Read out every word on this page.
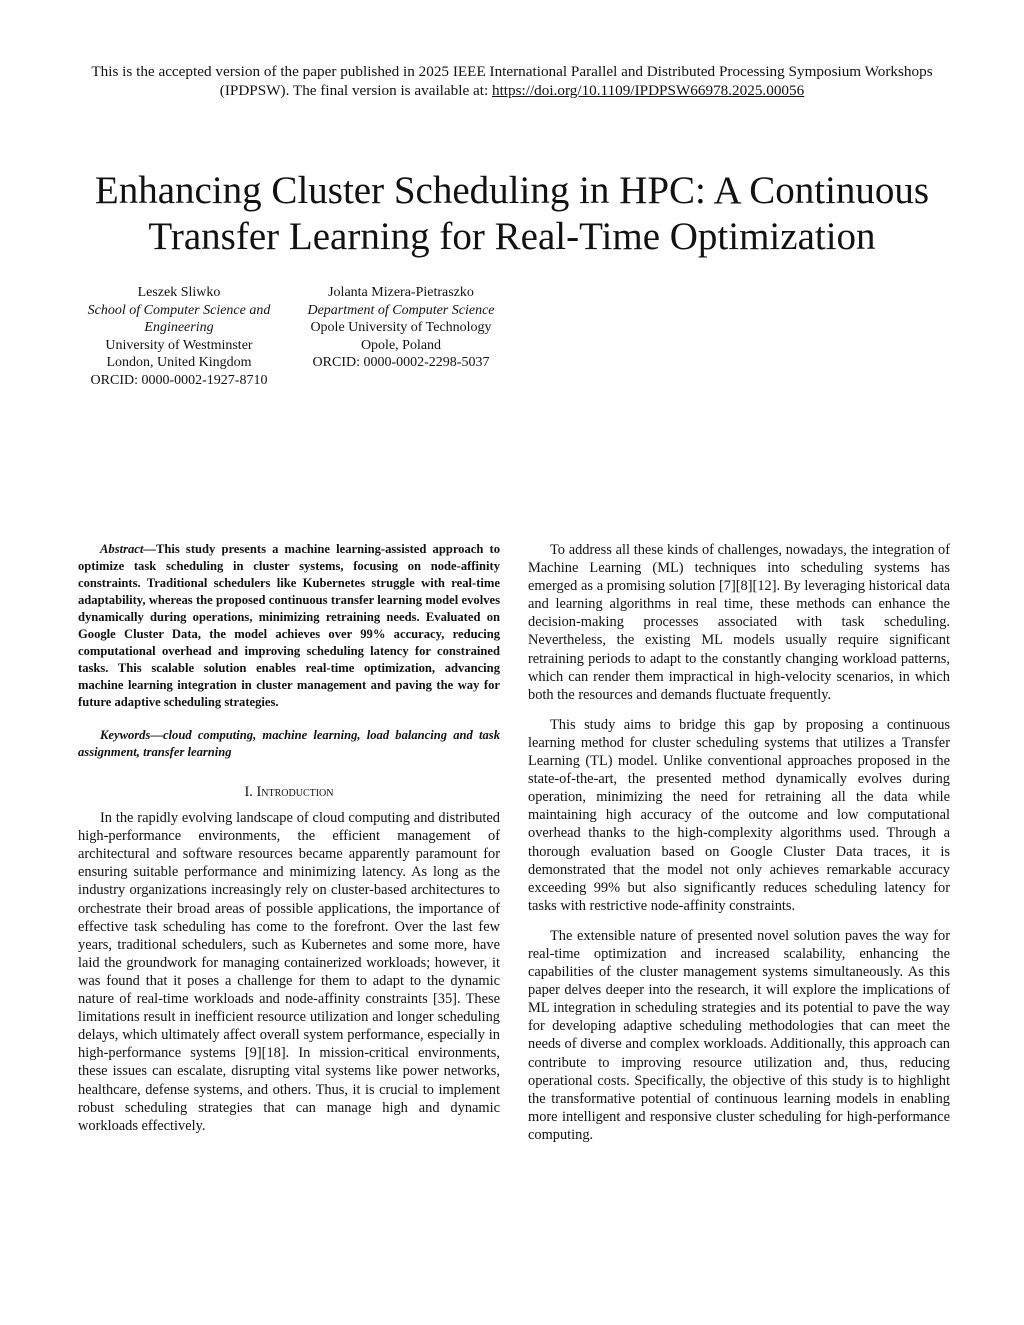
This is the accepted version of the paper published in 2025 IEEE International Parallel and Distributed Processing Symposium Workshops (IPDPSW). The final version is available at: https://doi.org/10.1109/IPDPSW66978.2025.00056
Enhancing Cluster Scheduling in HPC: A Continuous Transfer Learning for Real-Time Optimization
Leszek Sliwko
School of Computer Science and Engineering
University of Westminster
London, United Kingdom
ORCID: 0000-0002-1927-8710
Jolanta Mizera-Pietraszko
Department of Computer Science
Opole University of Technology
Opole, Poland
ORCID: 0000-0002-2298-5037

Abstract—This study presents a machine learning-assisted approach to optimize task scheduling in cluster systems, focusing on node-affinity constraints. Traditional schedulers like Kubernetes struggle with real-time adaptability, whereas the proposed continuous transfer learning model evolves dynamically during operations, minimizing retraining needs. Evaluated on Google Cluster Data, the model achieves over 99% accuracy, reducing computational overhead and improving scheduling latency for constrained tasks. This scalable solution enables real-time optimization, advancing machine learning integration in cluster management and paving the way for future adaptive scheduling strategies.

Keywords—cloud computing, machine learning, load balancing and task assignment, transfer learning

I. Introduction

In the rapidly evolving landscape of cloud computing and distributed high-performance environments, the efficient management of architectural and software resources became apparently paramount for ensuring suitable performance and minimizing latency. As long as the industry organizations increasingly rely on cluster-based architectures to orchestrate their broad areas of possible applications, the importance of effective task scheduling has come to the forefront. Over the last few years, traditional schedulers, such as Kubernetes and some more, have laid the groundwork for managing containerized workloads; however, it was found that it poses a challenge for them to adapt to the dynamic nature of real-time workloads and node-affinity constraints [35]. These limitations result in inefficient resource utilization and longer scheduling delays, which ultimately affect overall system performance, especially in high-performance systems [9][18]. In mission-critical environments, these issues can escalate, disrupting vital systems like power networks, healthcare, defense systems, and others. Thus, it is crucial to implement robust scheduling strategies that can manage high and dynamic workloads effectively.

To address all these kinds of challenges, nowadays, the integration of Machine Learning (ML) techniques into scheduling systems has emerged as a promising solution [7][8][12]. By leveraging historical data and learning algorithms in real time, these methods can enhance the decision-making processes associated with task scheduling. Nevertheless, the existing ML models usually require significant retraining periods to adapt to the constantly changing workload patterns, which can render them impractical in high-velocity scenarios, in which both the resources and demands fluctuate frequently.

This study aims to bridge this gap by proposing a continuous learning method for cluster scheduling systems that utilizes a Transfer Learning (TL) model. Unlike conventional approaches proposed in the state-of-the-art, the presented method dynamically evolves during operation, minimizing the need for retraining all the data while maintaining high accuracy of the outcome and low computational overhead thanks to the high-complexity algorithms used. Through a thorough evaluation based on Google Cluster Data traces, it is demonstrated that the model not only achieves remarkable accuracy exceeding 99% but also significantly reduces scheduling latency for tasks with restrictive node-affinity constraints.

The extensible nature of presented novel solution paves the way for real-time optimization and increased scalability, enhancing the capabilities of the cluster management systems simultaneously. As this paper delves deeper into the research, it will explore the implications of ML integration in scheduling strategies and its potential to pave the way for developing adaptive scheduling methodologies that can meet the needs of diverse and complex workloads. Additionally, this approach can contribute to improving resource utilization and, thus, reducing operational costs. Specifically, the objective of this study is to highlight the transformative potential of continuous learning models in enabling more intelligent and responsive cluster scheduling for high-performance computing.
